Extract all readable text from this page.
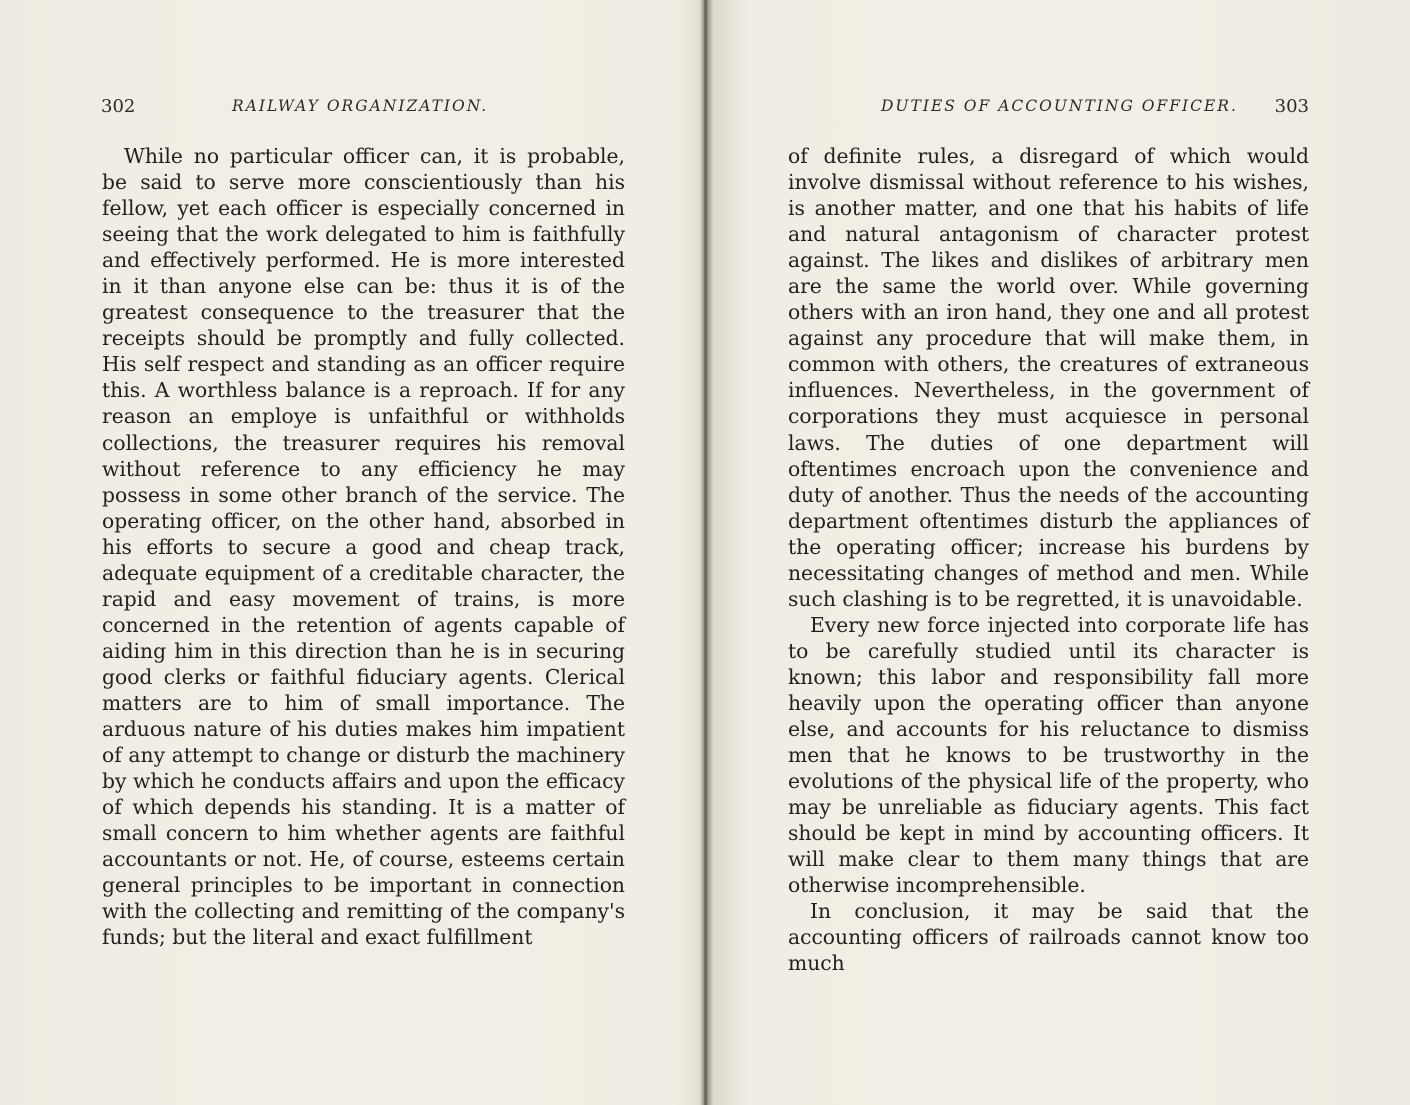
302	RAILWAY ORGANIZATION.

While no particular officer can, it is probable, be said to serve more conscientiously than his fellow, yet each officer is especially concerned in seeing that the work delegated to him is faithfully and effectively performed. He is more interested in it than anyone else can be: thus it is of the greatest consequence to the treasurer that the receipts should be promptly and fully collected. His self respect and standing as an officer require this. A worthless balance is a reproach. If for any reason an employe is unfaithful or withholds collections, the treasurer requires his removal without reference to any efficiency he may possess in some other branch of the service. The operating officer, on the other hand, absorbed in his efforts to secure a good and cheap track, adequate equipment of a creditable character, the rapid and easy movement of trains, is more concerned in the retention of agents capable of aiding him in this direction than he is in securing good clerks or faithful fiduciary agents. Clerical matters are to him of small importance. The arduous nature of his duties makes him impatient of any attempt to change or disturb the machinery by which he conducts affairs and upon the efficacy of which depends his standing. It is a matter of small concern to him whether agents are faithful accountants or not. He, of course, esteems certain general principles to be important in connection with the collecting and remitting of the company's funds; but the literal and exact fulfillment

DUTIES OF ACCOUNTING OFFICER. 303

of definite rules, a disregard of which would involve dismissal without reference to his wishes, is another matter, and one that his habits of life and natural antagonism of character protest against. The likes and dislikes of arbitrary men are the same the world over. While governing others with an iron hand, they one and all protest against any procedure that will make them, in common with others, the creatures of extraneous influences. Nevertheless, in the government of corporations they must acquiesce in personal laws. The duties of one department will oftentimes encroach upon the convenience and duty of another. Thus the needs of the accounting department oftentimes disturb the appliances of the operating officer; increase his burdens by necessitating changes of method and men. While such clashing is to be regretted, it is unavoidable.

Every new force injected into corporate life has to be carefully studied until its character is known; this labor and responsibility fall more heavily upon the operating officer than anyone else, and accounts for his reluctance to dismiss men that he knows to be trustworthy in the evolutions of the physical life of the property, who may be unreliable as fiduciary agents. This fact should be kept in mind by accounting officers. It will make clear to them many things that are otherwise incomprehensible.

In conclusion, it may be said that the accounting officers of railroads cannot know too much
